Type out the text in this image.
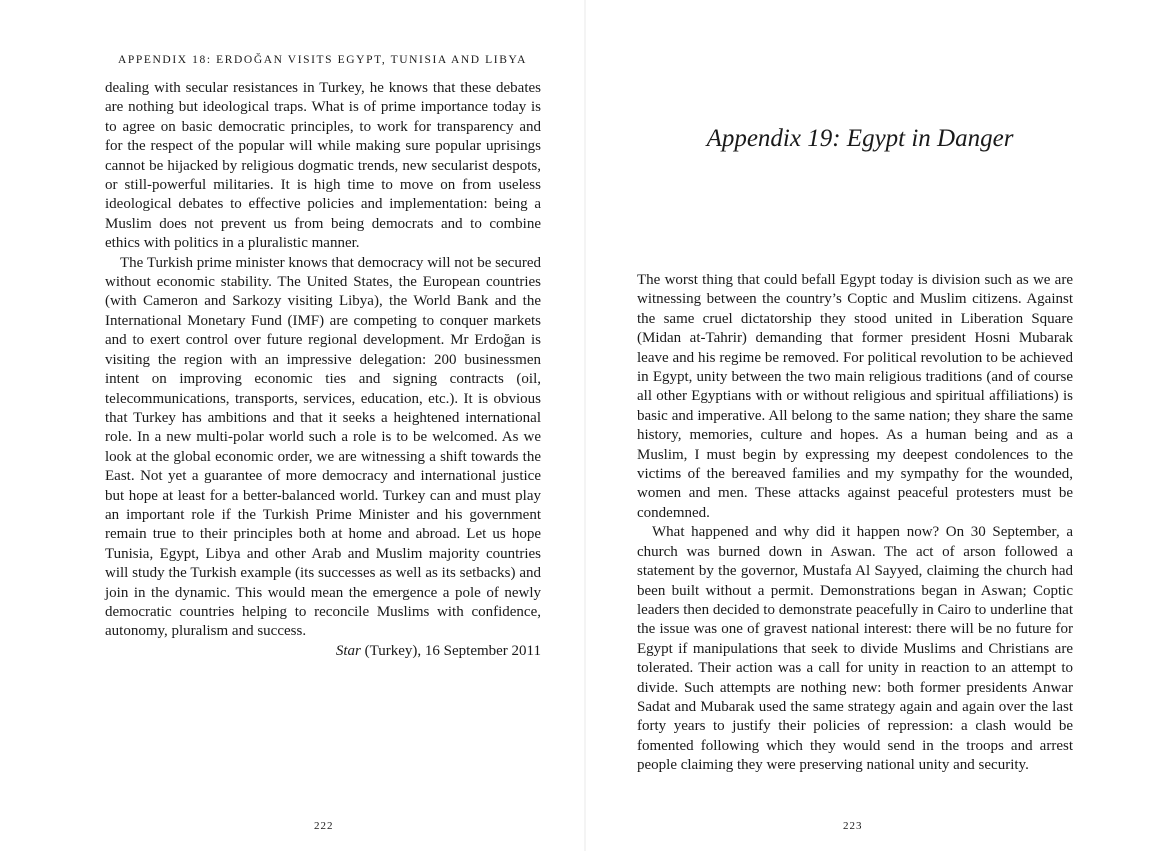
APPENDIX 18: ERDOĞAN VISITS EGYPT, TUNISIA AND LIBYA

dealing with secular resistances in Turkey, he knows that these debates are nothing but ideological traps. What is of prime importance today is to agree on basic democratic principles, to work for transparency and for the respect of the popular will while making sure popular uprisings cannot be hijacked by religious dogmatic trends, new secularist despots, or still-powerful militaries. It is high time to move on from useless ideological debates to effective policies and implementation: being a Muslim does not prevent us from being democrats and to combine ethics with politics in a pluralistic manner.

The Turkish prime minister knows that democracy will not be secured without economic stability. The United States, the European countries (with Cameron and Sarkozy visiting Libya), the World Bank and the International Monetary Fund (IMF) are competing to conquer markets and to exert control over future regional development. Mr Erdoğan is visiting the region with an impressive delegation: 200 businessmen intent on improving economic ties and signing contracts (oil, telecommunications, transports, services, education, etc.). It is obvious that Turkey has ambitions and that it seeks a heightened international role. In a new multi-polar world such a role is to be welcomed. As we look at the global economic order, we are witnessing a shift towards the East. Not yet a guarantee of more democracy and international justice but hope at least for a better-balanced world. Turkey can and must play an important role if the Turkish Prime Minister and his government remain true to their principles both at home and abroad. Let us hope Tunisia, Egypt, Libya and other Arab and Muslim majority countries will study the Turkish example (its successes as well as its setbacks) and join in the dynamic. This would mean the emergence a pole of newly democratic countries helping to reconcile Muslims with confidence, autonomy, pluralism and success.

Star (Turkey), 16 September 2011

222
Appendix 19: Egypt in Danger

The worst thing that could befall Egypt today is division such as we are witnessing between the country’s Coptic and Muslim citizens. Against the same cruel dictatorship they stood united in Liberation Square (Midan at-Tahrir) demanding that former president Hosni Mubarak leave and his regime be removed. For political revolution to be achieved in Egypt, unity between the two main religious traditions (and of course all other Egyptians with or without religious and spiritual affiliations) is basic and imperative. All belong to the same nation; they share the same history, memories, culture and hopes. As a human being and as a Muslim, I must begin by expressing my deepest condolences to the victims of the bereaved families and my sympathy for the wounded, women and men. These attacks against peaceful protesters must be condemned.

What happened and why did it happen now? On 30 September, a church was burned down in Aswan. The act of arson followed a statement by the governor, Mustafa Al Sayyed, claiming the church had been built without a permit. Demonstrations began in Aswan; Coptic leaders then decided to demonstrate peacefully in Cairo to underline that the issue was one of gravest national interest: there will be no future for Egypt if manipulations that seek to divide Muslims and Christians are tolerated. Their action was a call for unity in reaction to an attempt to divide. Such attempts are nothing new: both former presidents Anwar Sadat and Mubarak used the same strategy again and again over the last forty years to justify their policies of repression: a clash would be fomented following which they would send in the troops and arrest people claiming they were preserving national unity and security.

223
